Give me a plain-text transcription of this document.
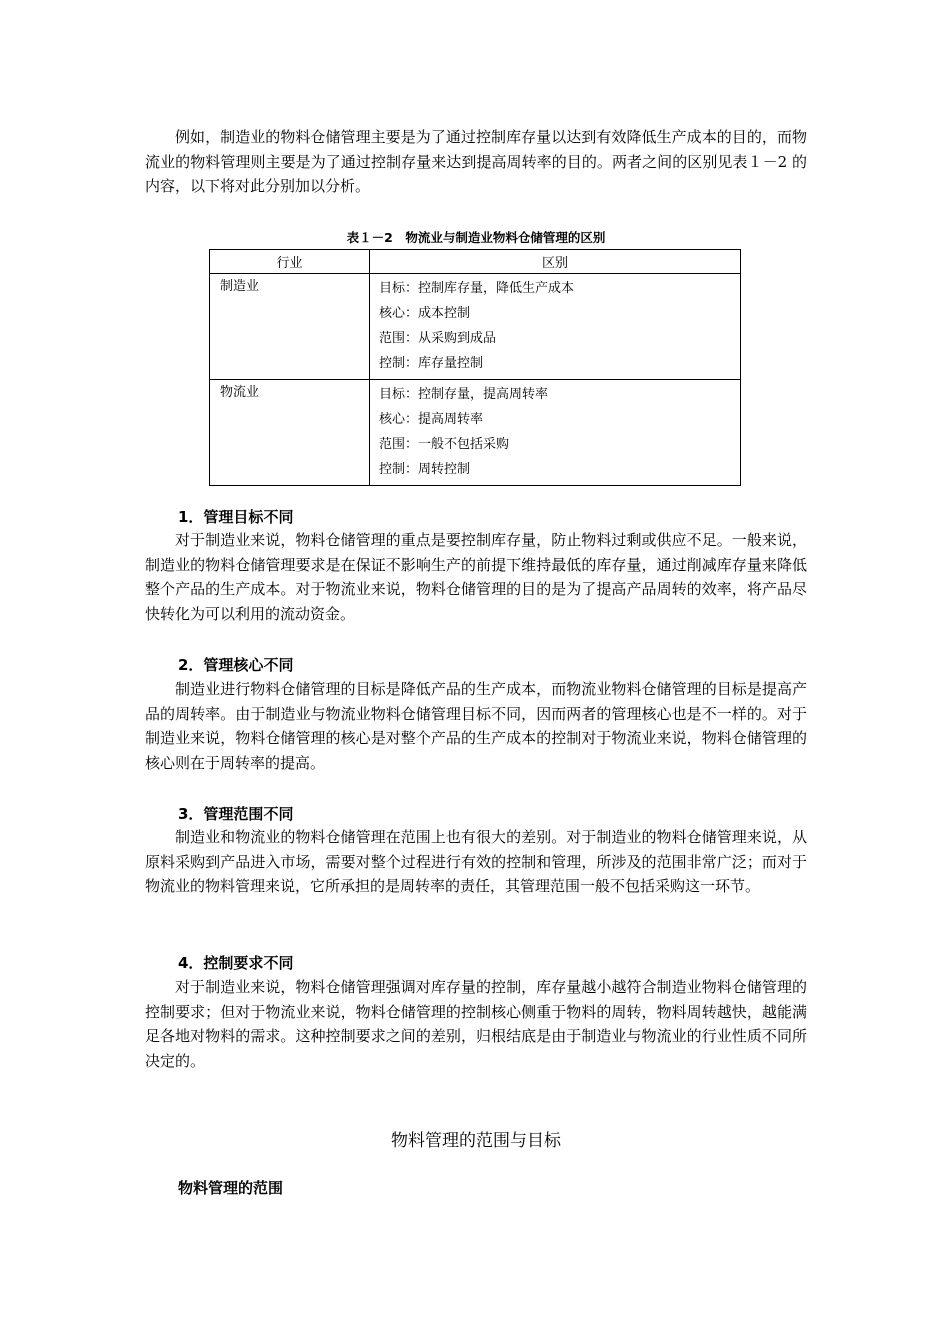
例如，制造业的物料仓储管理主要是为了通过控制库存量以达到有效降低生产成本的目的，而物流业的物料管理则主要是为了通过控制存量来达到提高周转率的目的。两者之间的区别见表１－2 的内容，以下将对此分别加以分析。

表１－2　物流业与制造业物料仓储管理的区别
行业	区别
制造业	目标：控制库存量，降低生产成本
核心：成本控制
范围：从采购到成品
控制：库存量控制

物流业	目标：控制存量，提高周转率
核心：提高周转率
范围：一般不包括采购
控制：周转控制

1．管理目标不同

对于制造业来说，物料仓储管理的重点是要控制库存量，防止物料过剩或供应不足。一般来说，制造业的物料仓储管理要求是在保证不影响生产的前提下维持最低的库存量，通过削减库存量来降低整个产品的生产成本。对于物流业来说，物料仓储管理的目的是为了提高产品周转的效率，将产品尽快转化为可以利用的流动资金。

2．管理核心不同

制造业进行物料仓储管理的目标是降低产品的生产成本，而物流业物料仓储管理的目标是提高产品的周转率。由于制造业与物流业物料仓储管理目标不同，因而两者的管理核心也是不一样的。对于制造业来说，物料仓储管理的核心是对整个产品的生产成本的控制对于物流业来说，物料仓储管理的核心则在于周转率的提高。

3．管理范围不同

制造业和物流业的物料仓储管理在范围上也有很大的差别。对于制造业的物料仓储管理来说，从原料采购到产品进入市场，需要对整个过程进行有效的控制和管理，所涉及的范围非常广泛；而对于物流业的物料管理来说，它所承担的是周转率的责任，其管理范围一般不包括采购这一环节。

4．控制要求不同

对于制造业来说，物料仓储管理强调对库存量的控制，库存量越小越符合制造业物料仓储管理的控制要求；但对于物流业来说，物料仓储管理的控制核心侧重于物料的周转，物料周转越快，越能满足各地对物料的需求。这种控制要求之间的差别，归根结底是由于制造业与物流业的行业性质不同所决定的。

物料管理的范围与目标
物料管理的范围
